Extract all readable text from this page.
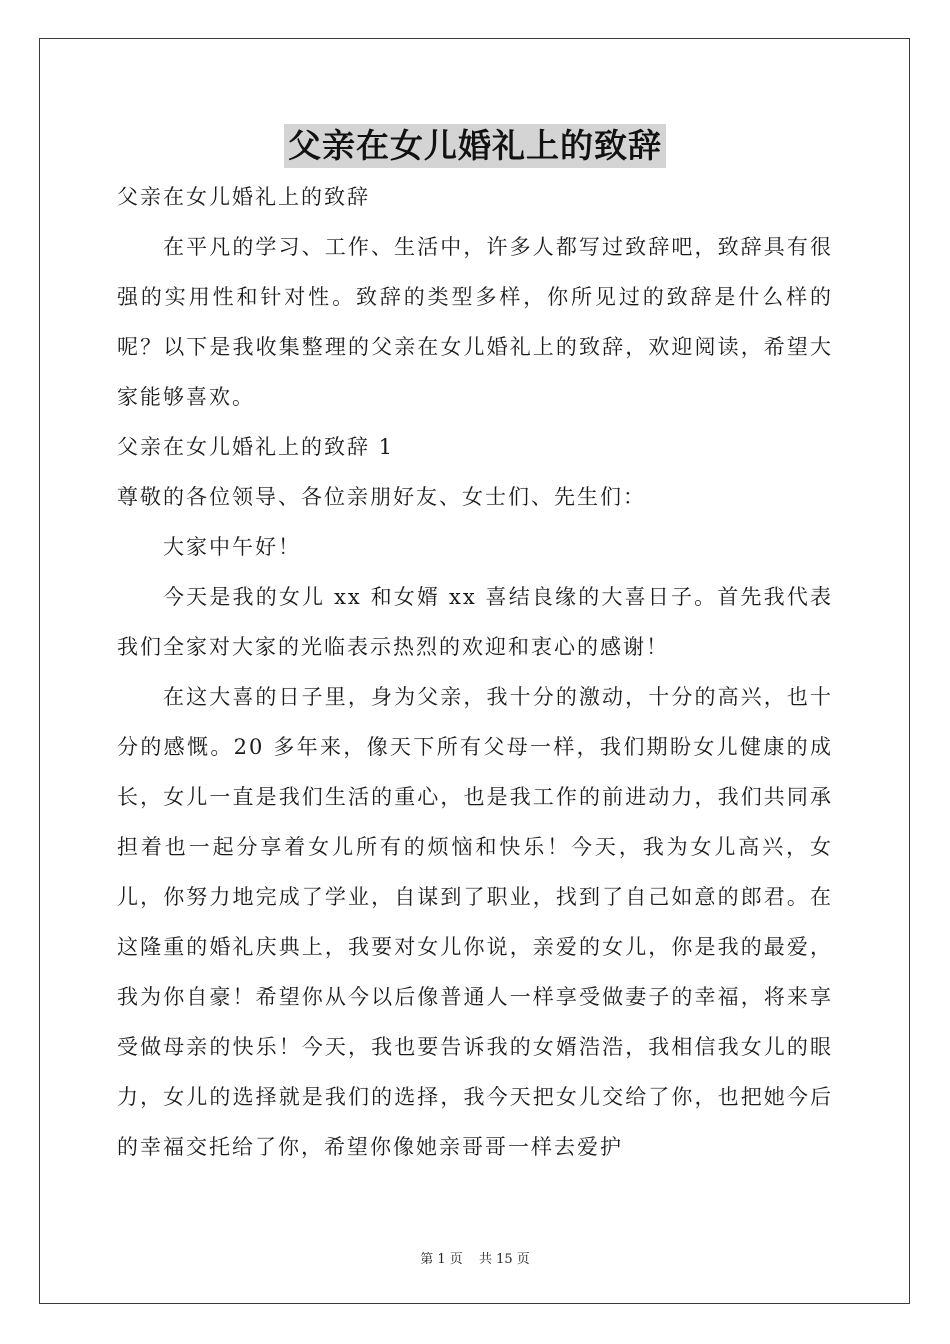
父亲在女儿婚礼上的致辞

父亲在女儿婚礼上的致辞

在平凡的学习、工作、生活中，许多人都写过致辞吧，致辞具有很强的实用性和针对性。致辞的类型多样，你所见过的致辞是什么样的呢？以下是我收集整理的父亲在女儿婚礼上的致辞，欢迎阅读，希望大家能够喜欢。

父亲在女儿婚礼上的致辞 1

尊敬的各位领导、各位亲朋好友、女士们、先生们：

大家中午好！

今天是我的女儿 xx 和女婿 xx 喜结良缘的大喜日子。首先我代表我们全家对大家的光临表示热烈的欢迎和衷心的感谢！

在这大喜的日子里，身为父亲，我十分的激动，十分的高兴，也十分的感慨。20 多年来，像天下所有父母一样，我们期盼女儿健康的成长，女儿一直是我们生活的重心，也是我工作的前进动力，我们共同承担着也一起分享着女儿所有的烦恼和快乐！今天，我为女儿高兴，女儿，你努力地完成了学业，自谋到了职业，找到了自己如意的郎君。在这隆重的婚礼庆典上，我要对女儿你说，亲爱的女儿，你是我的最爱，我为你自豪！希望你从今以后像普通人一样享受做妻子的幸福，将来享受做母亲的快乐！今天，我也要告诉我的女婿浩浩，我相信我女儿的眼力，女儿的选择就是我们的选择，我今天把女儿交给了你，也把她今后的幸福交托给了你，希望你像她亲哥哥一样去爱护

第 1 页 共 15 页
